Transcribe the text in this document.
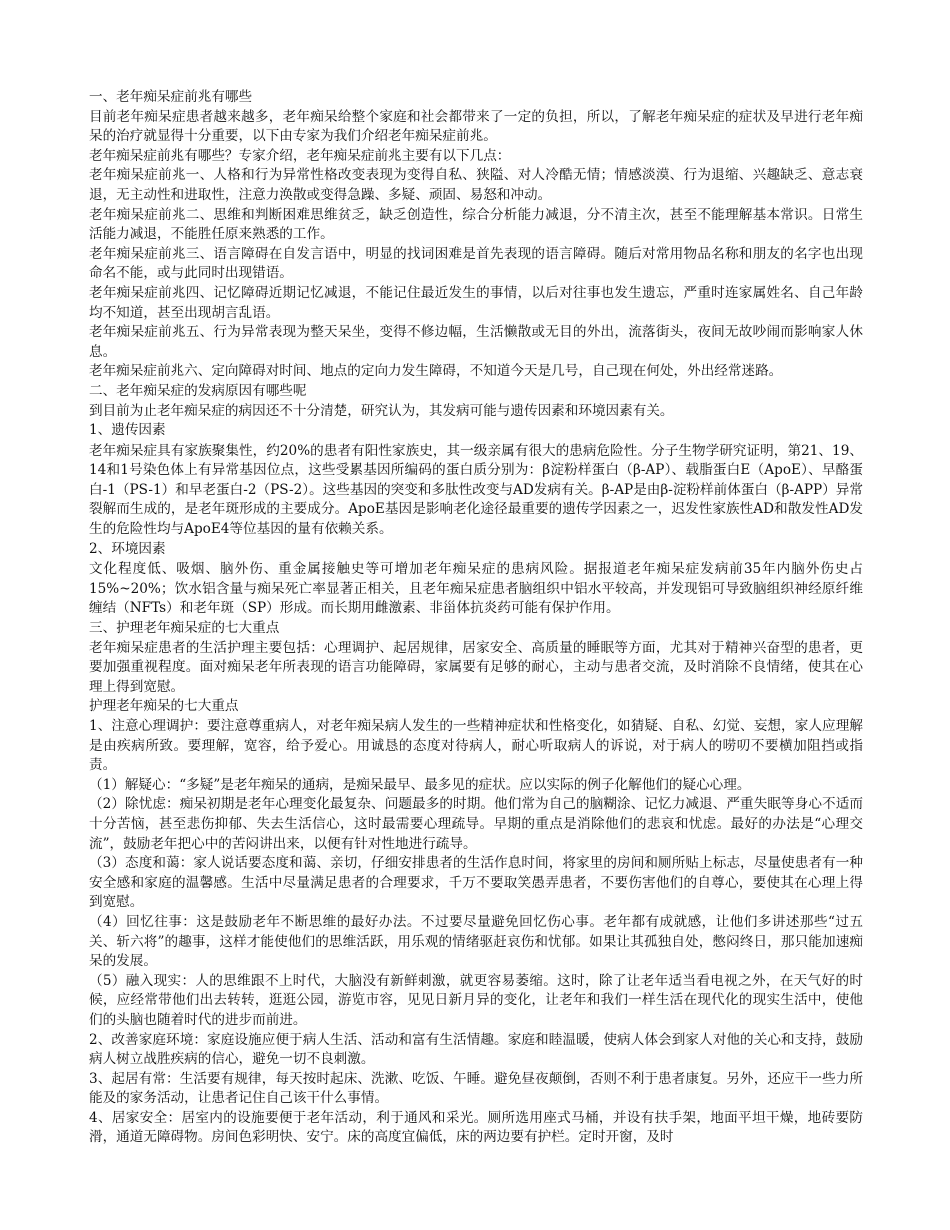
一、老年痴呆症前兆有哪些

目前老年痴呆症患者越来越多，老年痴呆给整个家庭和社会都带来了一定的负担，所以，了解老年痴呆症的症状及早进行老年痴呆的治疗就显得十分重要，以下由专家为我们介绍老年痴呆症前兆。

老年痴呆症前兆有哪些？专家介绍，老年痴呆症前兆主要有以下几点：

老年痴呆症前兆一、人格和行为异常性格改变表现为变得自私、狭隘、对人冷酷无情；情感淡漠、行为退缩、兴趣缺乏、意志衰退，无主动性和进取性，注意力涣散或变得急躁、多疑、顽固、易怒和冲动。

老年痴呆症前兆二、思维和判断困难思维贫乏，缺乏创造性，综合分析能力减退，分不清主次，甚至不能理解基本常识。日常生活能力减退，不能胜任原来熟悉的工作。

老年痴呆症前兆三、语言障碍在自发言语中，明显的找词困难是首先表现的语言障碍。随后对常用物品名称和朋友的名字也出现命名不能，或与此同时出现错语。

老年痴呆症前兆四、记忆障碍近期记忆减退，不能记住最近发生的事情，以后对往事也发生遗忘，严重时连家属姓名、自己年龄均不知道，甚至出现胡言乱语。

老年痴呆症前兆五、行为异常表现为整天呆坐，变得不修边幅，生活懒散或无目的外出，流落街头，夜间无故吵闹而影响家人休息。

老年痴呆症前兆六、定向障碍对时间、地点的定向力发生障碍，不知道今天是几号，自己现在何处，外出经常迷路。

二、老年痴呆症的发病原因有哪些呢

到目前为止老年痴呆症的病因还不十分清楚，研究认为，其发病可能与遗传因素和环境因素有关。

1、遗传因素

老年痴呆症具有家族聚集性，约20%的患者有阳性家族史，其一级亲属有很大的患病危险性。分子生物学研究证明，第21、19、14和1号染色体上有异常基因位点，这些受累基因所编码的蛋白质分别为：β淀粉样蛋白（β-AP）、载脂蛋白E（ApoE）、早酪蛋白-1（PS-1）和早老蛋白-2（PS-2）。这些基因的突变和多肽性改变与AD发病有关。β-AP是由β-淀粉样前体蛋白（β-APP）异常裂解而生成的，是老年斑形成的主要成分。ApoE基因是影响老化途径最重要的遗传学因素之一，迟发性家族性AD和散发性AD发生的危险性均与ApoE4等位基因的量有依赖关系。

2、环境因素

文化程度低、吸烟、脑外伤、重金属接触史等可增加老年痴呆症的患病风险。据报道老年痴呆症发病前35年内脑外伤史占15%~20%；饮水铝含量与痴呆死亡率显著正相关，且老年痴呆症患者脑组织中铝水平较高，并发现铝可导致脑组织神经原纤维缠结（NFTs）和老年斑（SP）形成。而长期用雌激素、非甾体抗炎药可能有保护作用。

三、护理老年痴呆症的七大重点

老年痴呆症患者的生活护理主要包括：心理调护、起居规律，居家安全、高质量的睡眠等方面，尤其对于精神兴奋型的患者，更要加强重视程度。面对痴呆老年所表现的语言功能障碍，家属要有足够的耐心，主动与患者交流，及时消除不良情绪，使其在心理上得到宽慰。

护理老年痴呆的七大重点

1、注意心理调护：要注意尊重病人，对老年痴呆病人发生的一些精神症状和性格变化，如猜疑、自私、幻觉、妄想，家人应理解是由疾病所致。要理解，宽容，给予爱心。用诚恳的态度对待病人，耐心听取病人的诉说，对于病人的唠叨不要横加阻挡或指责。

（1）解疑心：“多疑”是老年痴呆的通病，是痴呆最早、最多见的症状。应以实际的例子化解他们的疑心心理。

（2）除忧虑：痴呆初期是老年心理变化最复杂、问题最多的时期。他们常为自己的脑糊涂、记忆力减退、严重失眠等身心不适而十分苦恼，甚至悲伤抑郁、失去生活信心，这时最需要心理疏导。早期的重点是消除他们的悲哀和忧虑。最好的办法是“心理交流”，鼓励老年把心中的苦闷讲出来，以便有针对性地进行疏导。

（3）态度和蔼：家人说话要态度和蔼、亲切，仔细安排患者的生活作息时间，将家里的房间和厕所贴上标志，尽量使患者有一种安全感和家庭的温馨感。生活中尽量满足患者的合理要求，千万不要取笑愚弄患者，不要伤害他们的自尊心，要使其在心理上得到宽慰。

（4）回忆往事：这是鼓励老年不断思维的最好办法。不过要尽量避免回忆伤心事。老年都有成就感，让他们多讲述那些“过五关、斩六将”的趣事，这样才能使他们的思维活跃，用乐观的情绪驱赶哀伤和忧郁。如果让其孤独自处，憋闷终日，那只能加速痴呆的发展。

（5）融入现实：人的思维跟不上时代，大脑没有新鲜刺激，就更容易萎缩。这时，除了让老年适当看电视之外，在天气好的时候，应经常带他们出去转转，逛逛公园，游览市容，见见日新月异的变化，让老年和我们一样生活在现代化的现实生活中，使他们的头脑也随着时代的进步而前进。

2、改善家庭环境：家庭设施应便于病人生活、活动和富有生活情趣。家庭和睦温暖，使病人体会到家人对他的关心和支持，鼓励病人树立战胜疾病的信心，避免一切不良刺激。

3、起居有常：生活要有规律，每天按时起床、洗漱、吃饭、午睡。避免昼夜颠倒，否则不利于患者康复。另外，还应干一些力所能及的家务活动，让患者记住自己该干什么事情。

4、居家安全：居室内的设施要便于老年活动，利于通风和采光。厕所选用座式马桶，并设有扶手架，地面平坦干燥，地砖要防滑，通道无障碍物。房间色彩明快、安宁。床的高度宜偏低，床的两边要有护栏。定时开窗，及时
